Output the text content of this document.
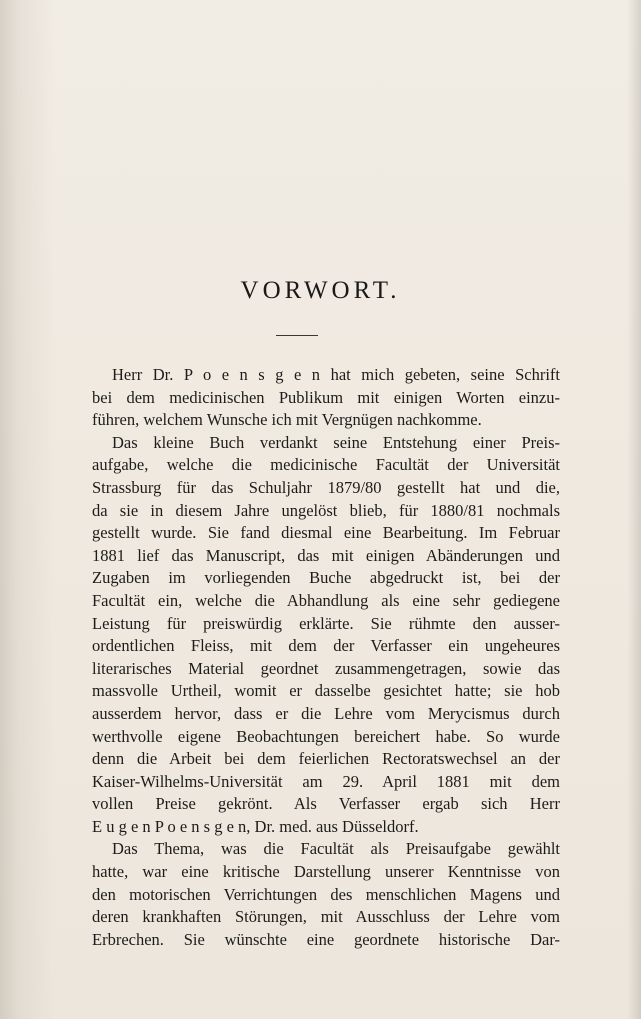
VORWORT.
Herr Dr. P o e n s g e n hat mich gebeten, seine Schrift
bei dem medicinischen Publikum mit einigen Worten einzu-
führen, welchem Wunsche ich mit Vergnügen nachkomme.
Das kleine Buch verdankt seine Entstehung einer Preis-
aufgabe, welche die medicinische Facultät der Universität
Strassburg für das Schuljahr 1879/80 gestellt hat und die,
da sie in diesem Jahre ungelöst blieb, für 1880/81 nochmals
gestellt wurde. Sie fand diesmal eine Bearbeitung. Im Februar
1881 lief das Manuscript, das mit einigen Abänderungen und
Zugaben im vorliegenden Buche abgedruckt ist, bei der
Facultät ein, welche die Abhandlung als eine sehr gediegene
Leistung für preiswürdig erklärte. Sie rühmte den ausser-
ordentlichen Fleiss, mit dem der Verfasser ein ungeheures
literarisches Material geordnet zusammengetragen, sowie das
massvolle Urtheil, womit er dasselbe gesichtet hatte; sie hob
ausserdem hervor, dass er die Lehre vom Merycismus durch
werthvolle eigene Beobachtungen bereichert habe. So wurde
denn die Arbeit bei dem feierlichen Rectoratswechsel an der
Kaiser-Wilhelms-Universität am 29. April 1881 mit dem
vollen Preise gekrönt. Als Verfasser ergab sich Herr
E u g e n P o e n s g e n, Dr. med. aus Düsseldorf.
Das Thema, was die Facultät als Preisaufgabe gewählt
hatte, war eine kritische Darstellung unserer Kenntnisse von
den motorischen Verrichtungen des menschlichen Magens und
deren krankhaften Störungen, mit Ausschluss der Lehre vom
Erbrechen. Sie wünschte eine geordnete historische Dar-
